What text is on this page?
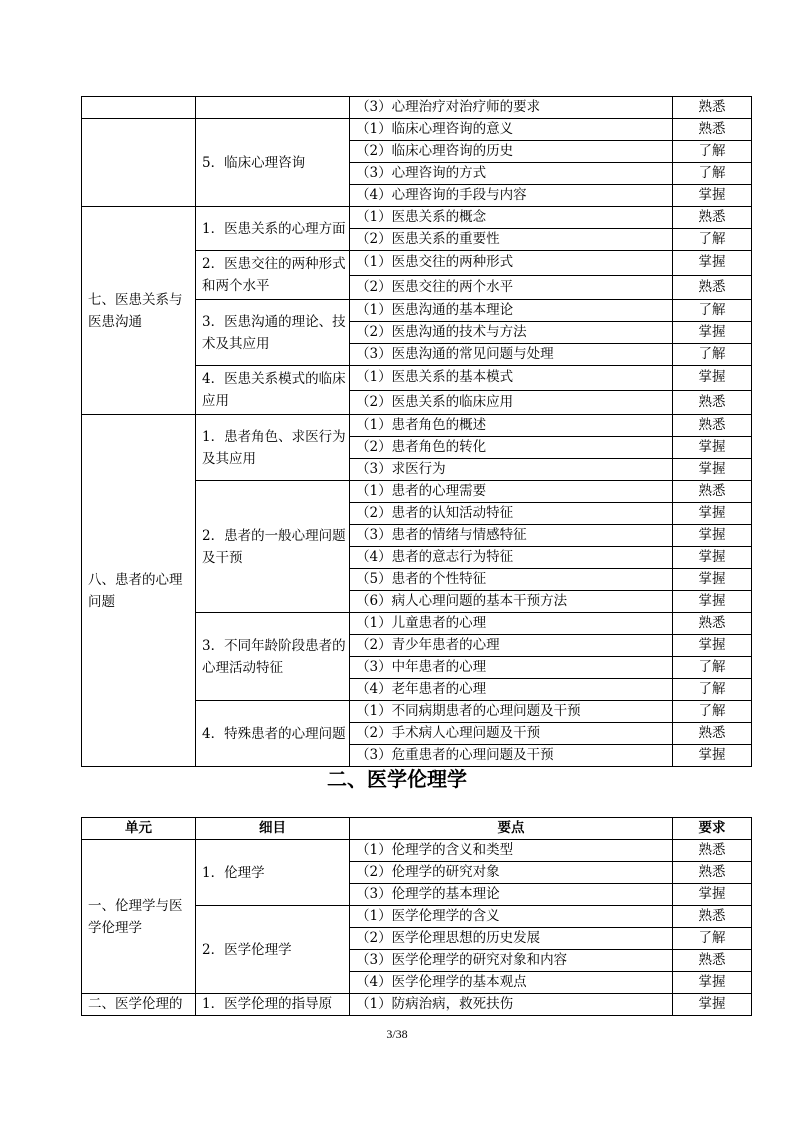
		（3）心理治疗对治疗师的要求	熟悉
	5．临床心理咨询	（1）临床心理咨询的意义	熟悉
		（2）临床心理咨询的历史	了解
		（3）心理咨询的方式	了解
		（4）心理咨询的手段与内容	掌握
七、医患关系与医患沟通	1．医患关系的心理方面	（1）医患关系的概念	熟悉
		（2）医患关系的重要性	了解
	2．医患交往的两种形式和两个水平	（1）医患交往的两种形式	掌握
		（2）医患交往的两个水平	熟悉
	3．医患沟通的理论、技术及其应用	（1）医患沟通的基本理论	了解
		（2）医患沟通的技术与方法	掌握
		（3）医患沟通的常见问题与处理	了解
	4．医患关系模式的临床应用	（1）医患关系的基本模式	掌握
		（2）医患关系的临床应用	熟悉
八、患者的心理问题	1．患者角色、求医行为及其应用	（1）患者角色的概述	熟悉
		（2）患者角色的转化	掌握
		（3）求医行为	掌握
	2．患者的一般心理问题及干预	（1）患者的心理需要	熟悉
		（2）患者的认知活动特征	掌握
		（3）患者的情绪与情感特征	掌握
		（4）患者的意志行为特征	掌握
		（5）患者的个性特征	掌握
		（6）病人心理问题的基本干预方法	掌握
	3．不同年龄阶段患者的心理活动特征	（1）儿童患者的心理	熟悉
		（2）青少年患者的心理	掌握
		（3）中年患者的心理	了解
		（4）老年患者的心理	了解
	4．特殊患者的心理问题	（1）不同病期患者的心理问题及干预	了解
		（2）手术病人心理问题及干预	熟悉
		（3）危重患者的心理问题及干预	掌握
二、医学伦理学
单元	细目	要点	要求
一、伦理学与医学伦理学	1．伦理学	（1）伦理学的含义和类型	熟悉
		（2）伦理学的研究对象	熟悉
		（3）伦理学的基本理论	掌握
	2．医学伦理学	（1）医学伦理学的含义	熟悉
		（2）医学伦理思想的历史发展	了解
		（3）医学伦理学的研究对象和内容	熟悉
		（4）医学伦理学的基本观点	掌握
二、医学伦理的	1．医学伦理的指导原	（1）防病治病，救死扶伤	掌握
3/38
